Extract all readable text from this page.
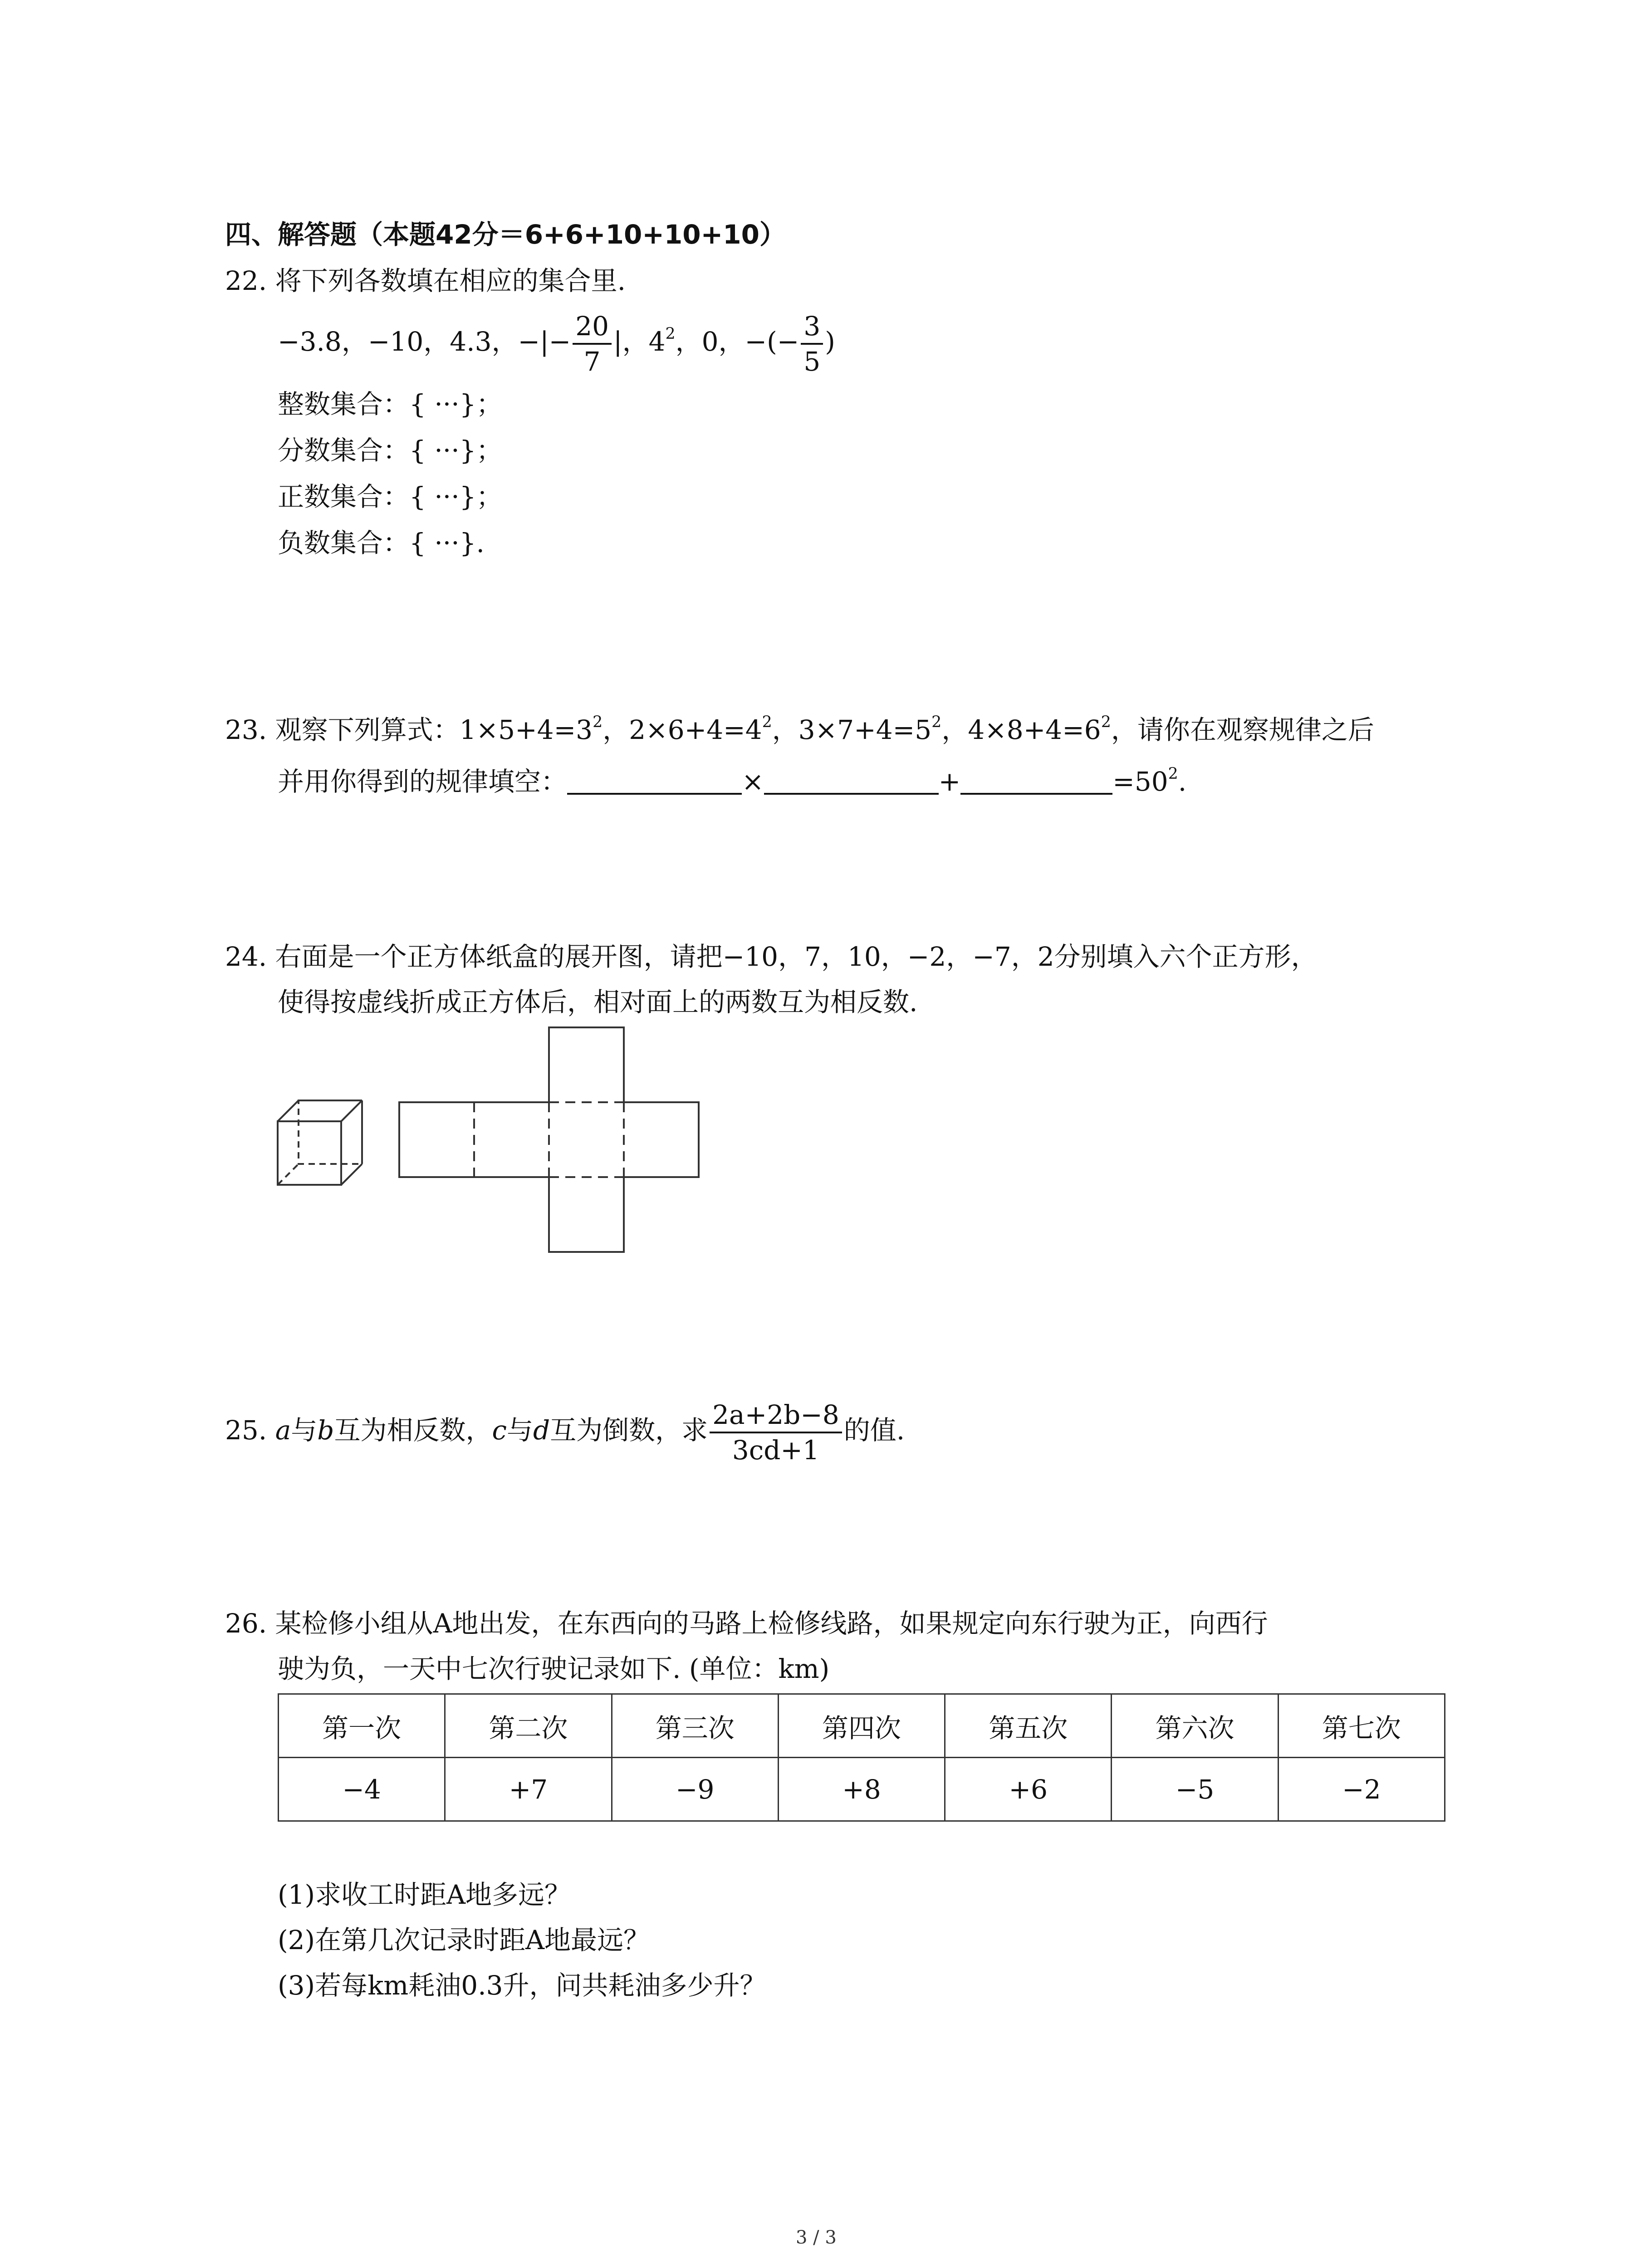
四、解答题（本题42分＝6+6+10+10+10）
22. 将下列各数填在相应的集合里.
−3.8，−10，4.3，−|− $\frac{20}{7}$ |，$4^2$，0，−(− $\frac{3}{5}$ )
整数集合：{ ···}；
分数集合：{ ···}；
正数集合：{ ···}；
负数集合：{ ···}.
23. 观察下列算式：$1\times 5+4=3^2$，$2\times 6+4=4^2$，$3\times 7+4=5^2$，$4\times 8+4=6^2$，请你在观察规律之后
并用你得到的规律填空：	×	+	$=50^2$.
24. 右面是一个正方体纸盒的展开图，请把−10，7，10，−2，−7，2分别填入六个正方形，
使得按虚线折成正方体后，相对面上的两数互为相反数.
25. a与b互为相反数，c与d互为倒数，求 $\frac{2a+2b-8}{3cd+1}$ 的值.
26. 某检修小组从A地出发，在东西向的马路上检修线路，如果规定向东行驶为正，向西行
驶为负，一天中七次行驶记录如下. (单位：km)
第一次	第二次	第三次	第四次	第五次	第六次	第七次
−4	+7	−9	+8	+6	−5	−2
(1)求收工时距A地多远？
(2)在第几次记录时距A地最远？
(3)若每km耗油0.3升，问共耗油多少升？
3 / 3
